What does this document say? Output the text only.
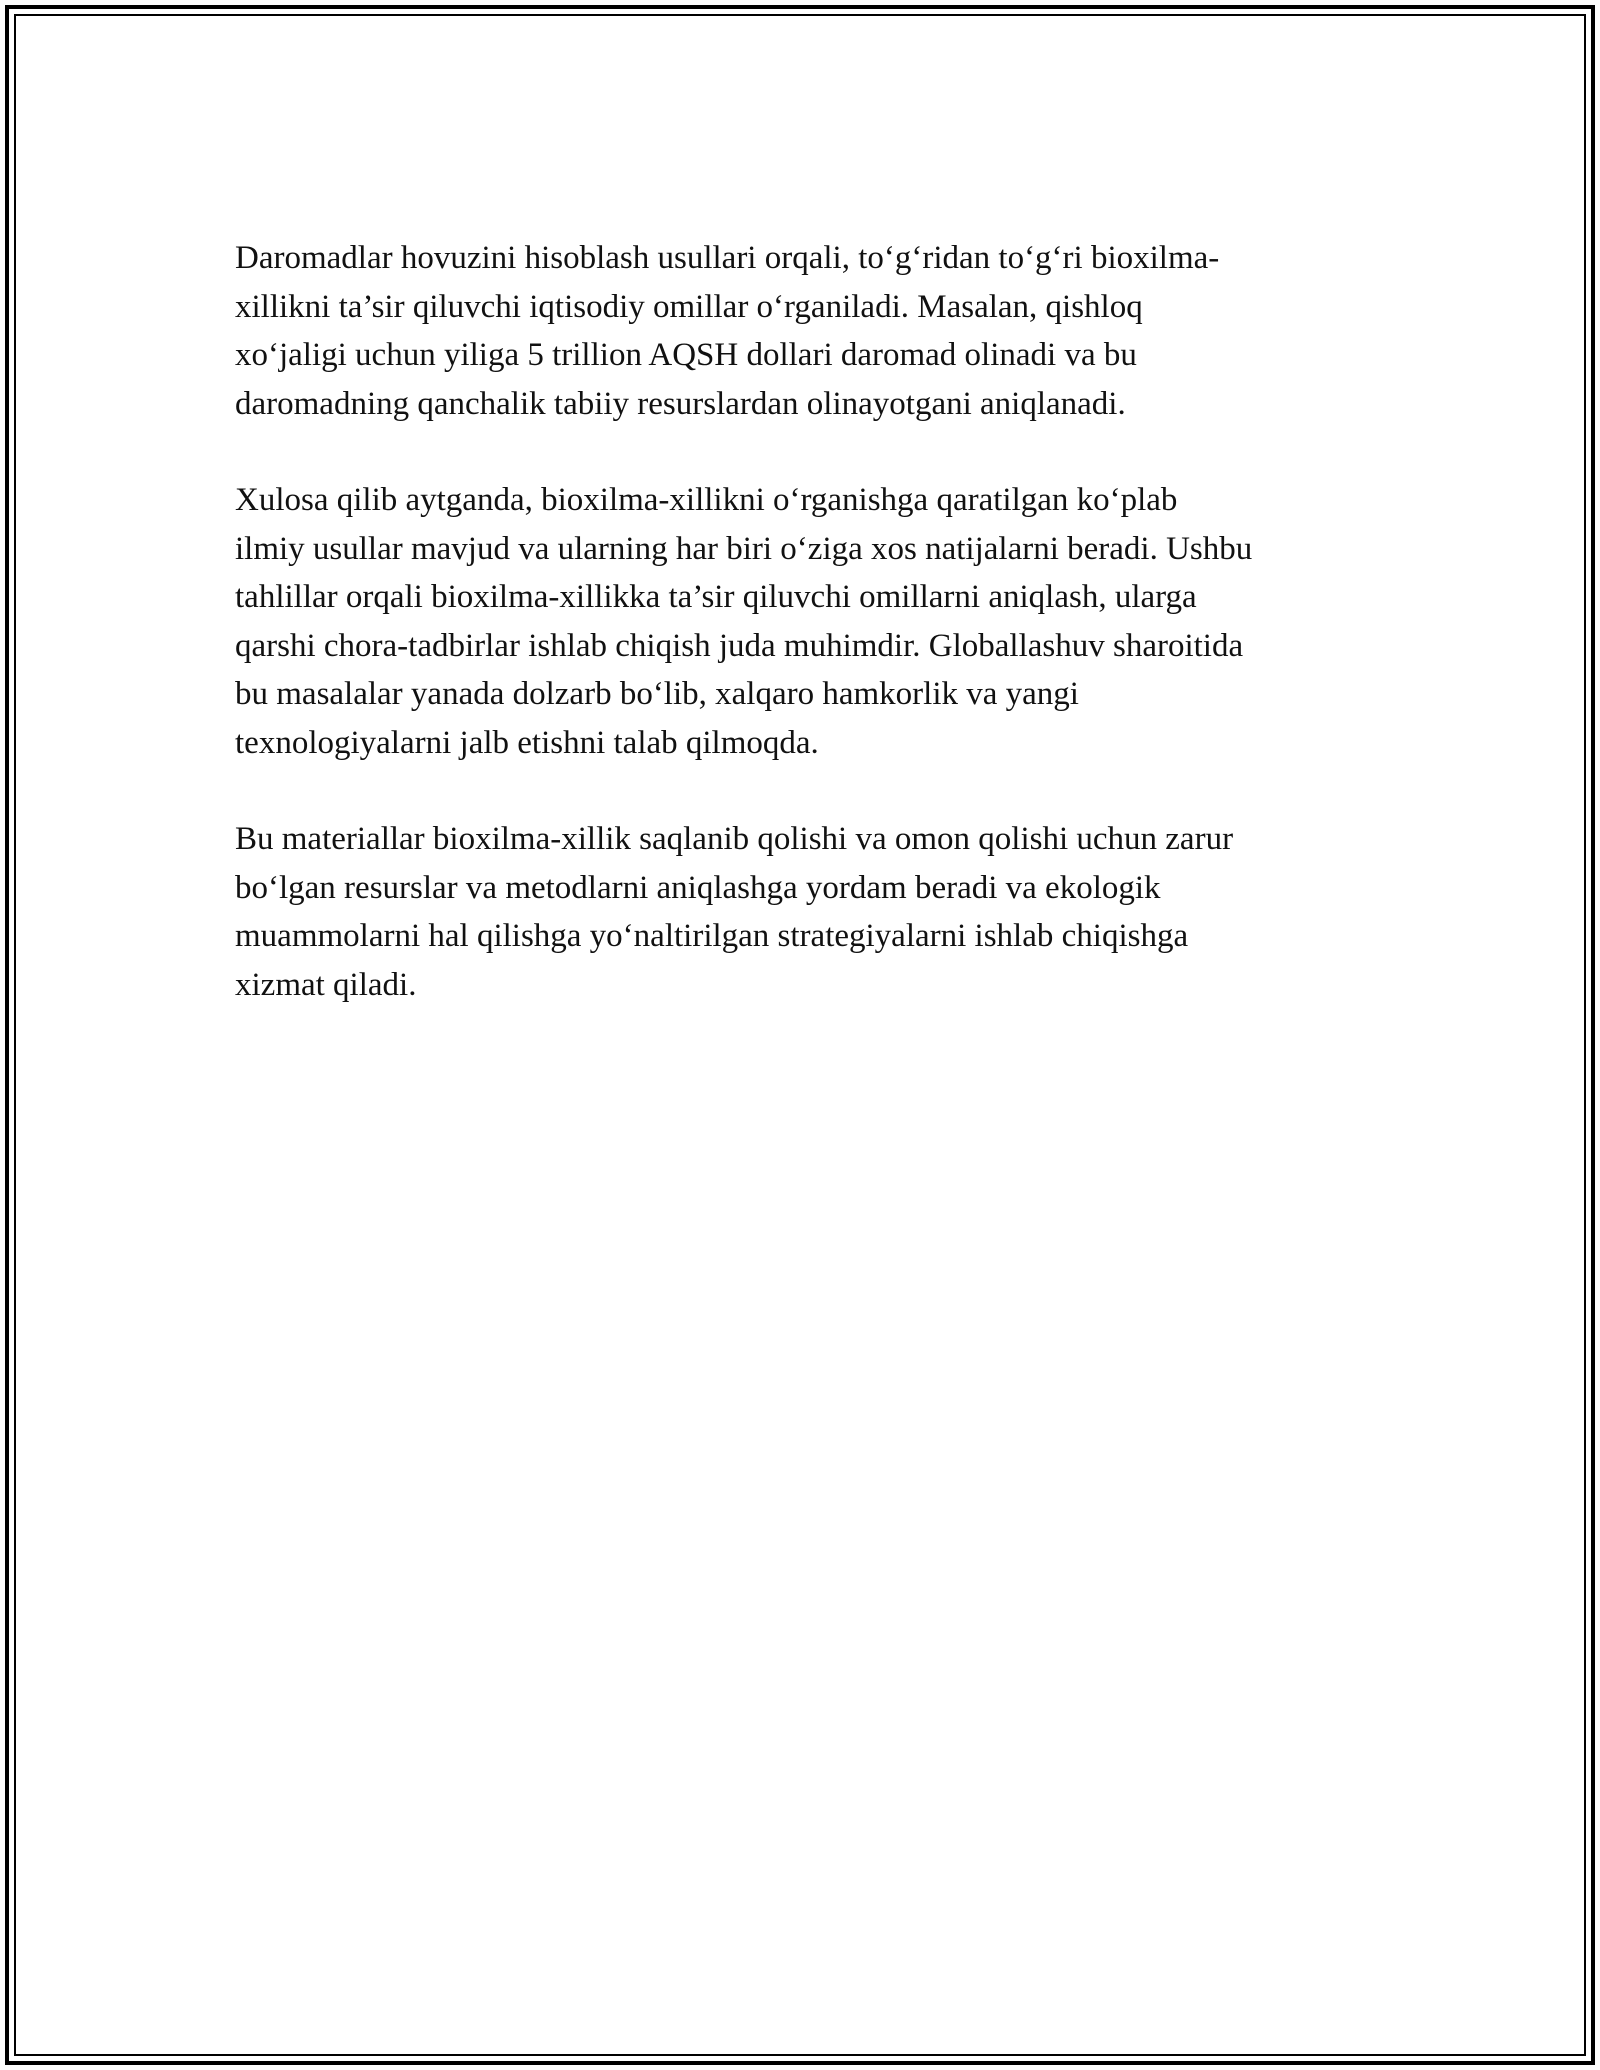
Daromadlar hovuzini hisoblash usullari orqali, to‘g‘ridan to‘g‘ri bioxilma-
xillikni ta’sir qiluvchi iqtisodiy omillar o‘rganiladi. Masalan, qishloq
xo‘jaligi uchun yiliga 5 trillion AQSH dollari daromad olinadi va bu
daromadning qanchalik tabiiy resurslardan olinayotgani aniqlanadi.

Xulosa qilib aytganda, bioxilma-xillikni o‘rganishga qaratilgan ko‘plab
ilmiy usullar mavjud va ularning har biri o‘ziga xos natijalarni beradi. Ushbu
tahlillar orqali bioxilma-xillikka ta’sir qiluvchi omillarni aniqlash, ularga
qarshi chora-tadbirlar ishlab chiqish juda muhimdir. Globallashuv sharoitida
bu masalalar yanada dolzarb bo‘lib, xalqaro hamkorlik va yangi
texnologiyalarni jalb etishni talab qilmoqda.

Bu materiallar bioxilma-xillik saqlanib qolishi va omon qolishi uchun zarur
bo‘lgan resurslar va metodlarni aniqlashga yordam beradi va ekologik
muammolarni hal qilishga yo‘naltirilgan strategiyalarni ishlab chiqishga
xizmat qiladi.
